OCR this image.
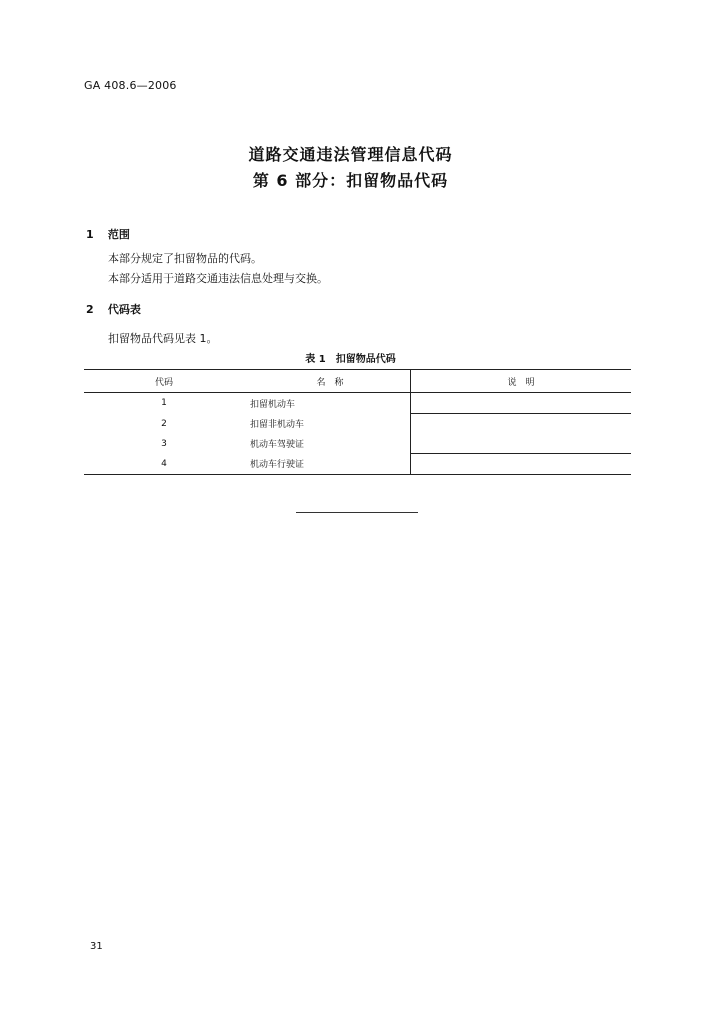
GA 408.6—2006
道路交通违法管理信息代码
第 6 部分：扣留物品代码
1 范围
本部分规定了扣留物品的代码。
本部分适用于道路交通违法信息处理与交换。
2 代码表
扣留物品代码见表 1。
表 1　扣留物品代码
代码	名　称	说　明
1	扣留机动车	
2	扣留非机动车	
3	机动车驾驶证	
4	机动车行驶证	
31
